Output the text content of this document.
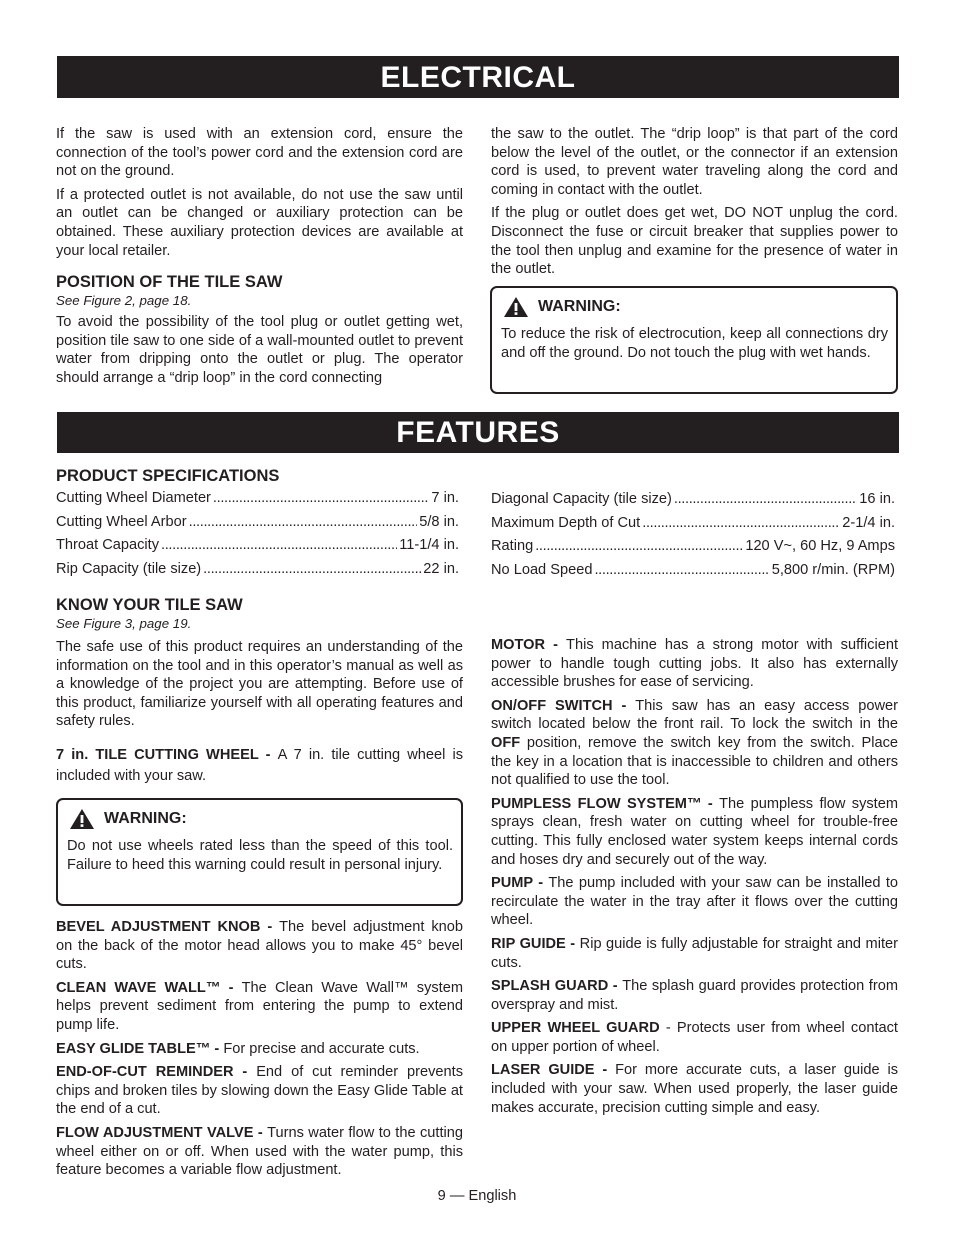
ELECTRICAL

If the saw is used with an extension cord, ensure the connection of the tool’s power cord and the extension cord are not on the ground.

If a protected outlet is not available, do not use the saw until an outlet can be changed or auxiliary protection can be obtained. These auxiliary protection devices are available at your local retailer.

POSITION OF THE TILE SAW
See Figure 2, page 18.

To avoid the possibility of the tool plug or outlet getting wet, position tile saw to one side of a wall-mounted outlet to prevent water from dripping onto the outlet or plug. The operator should arrange a “drip loop” in the cord connecting

the saw to the outlet. The “drip loop” is that part of the cord below the level of the outlet, or the connector if an extension cord is used, to prevent water traveling along the cord and coming in contact with the outlet.

If the plug or outlet does get wet, DO NOT unplug the cord. Disconnect the fuse or circuit breaker that supplies power to the tool then unplug and examine for the presence of water in the outlet.

WARNING:

To reduce the risk of electrocution, keep all connections dry and off the ground. Do not touch the plug with wet hands.

FEATURES
PRODUCT SPECIFICATIONS
Cutting Wheel Diameter . . .	7 in.
Cutting Wheel Arbor . . .	5/8 in.
Throat Capacity . . .	11-1/4 in.
Rip Capacity (tile size) . . .	22 in.
Diagonal Capacity (tile size) . . .	16 in.
Maximum Depth of Cut . . .	2-1/4 in.
Rating . . .	120 V~, 60 Hz, 9 Amps
No Load Speed . . .	5,800 r/min. (RPM)
KNOW YOUR TILE SAW
See Figure 3, page 19.

The safe use of this product requires an understanding of the information on the tool and in this operator’s manual as well as a knowledge of the project you are attempting. Before use of this product, familiarize yourself with all operating features and safety rules.

7 in. TILE CUTTING WHEEL - A 7 in. tile cutting wheel is included with your saw.

WARNING:

Do not use wheels rated less than the speed of this tool. Failure to heed this warning could result in personal injury.

BEVEL ADJUSTMENT KNOB - The bevel adjustment knob on the back of the motor head allows you to make 45° bevel cuts.

CLEAN WAVE WALL™ - The Clean Wave Wall™ system helps prevent sediment from entering the pump to extend pump life.

EASY GLIDE TABLE™ - For precise and accurate cuts.

END-OF-CUT REMINDER - End of cut reminder prevents chips and broken tiles by slowing down the Easy Glide Table at the end of a cut.

FLOW ADJUSTMENT VALVE - Turns water flow to the cutting wheel either on or off. When used with the water pump, this feature becomes a variable flow adjustment.

MOTOR - This machine has a strong motor with sufficient power to handle tough cutting jobs. It also has externally accessible brushes for ease of servicing.

ON/OFF SWITCH - This saw has an easy access power switch located below the front rail. To lock the switch in the OFF position, remove the switch key from the switch. Place the key in a location that is inaccessible to children and others not qualified to use the tool.

PUMPLESS FLOW SYSTEM™ - The pumpless flow system sprays clean, fresh water on cutting wheel for trouble-free cutting. This fully enclosed water system keeps internal cords and hoses dry and securely out of the way.

PUMP - The pump included with your saw can be installed to recirculate the water in the tray after it flows over the cutting wheel.

RIP GUIDE - Rip guide is fully adjustable for straight and miter cuts.

SPLASH GUARD - The splash guard provides protection from overspray and mist.

UPPER WHEEL GUARD - Protects user from wheel contact on upper portion of wheel.

LASER GUIDE - For more accurate cuts, a laser guide is included with your saw. When used properly, the laser guide makes accurate, precision cutting simple and easy.

9 — English
